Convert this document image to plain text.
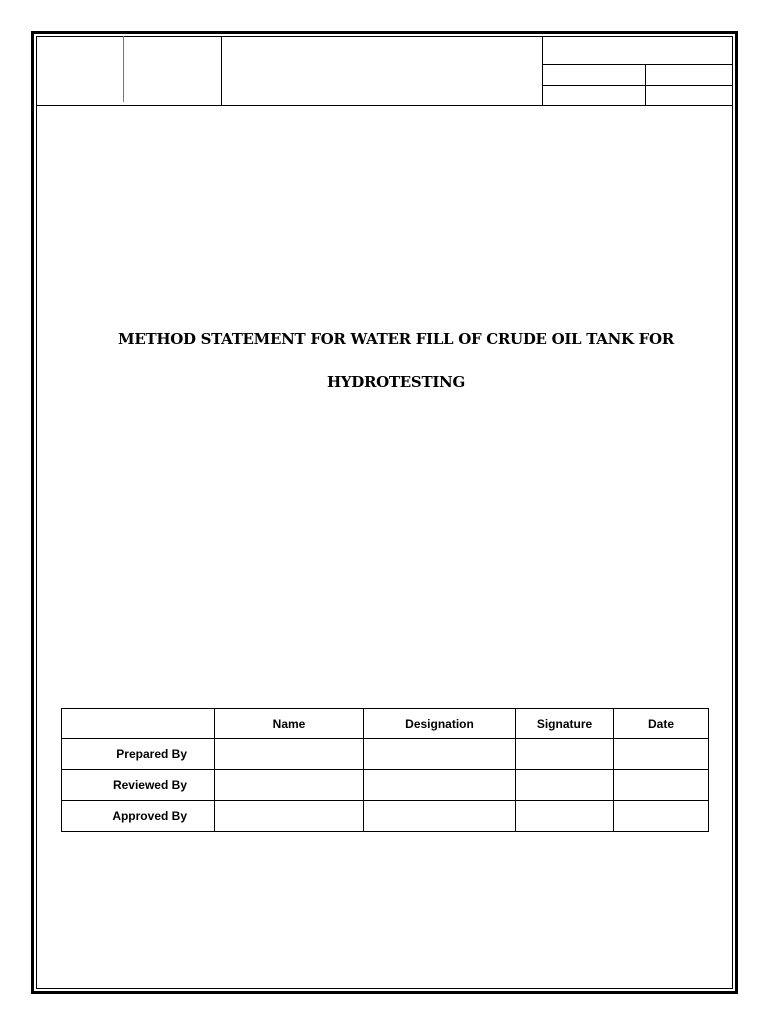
METHOD STATEMENT FOR WATER FILL OF CRUDE OIL TANK FOR
HYDROTESTING
	Name	Designation	Signature	Date
Prepared By				
Reviewed By				
Approved By				
